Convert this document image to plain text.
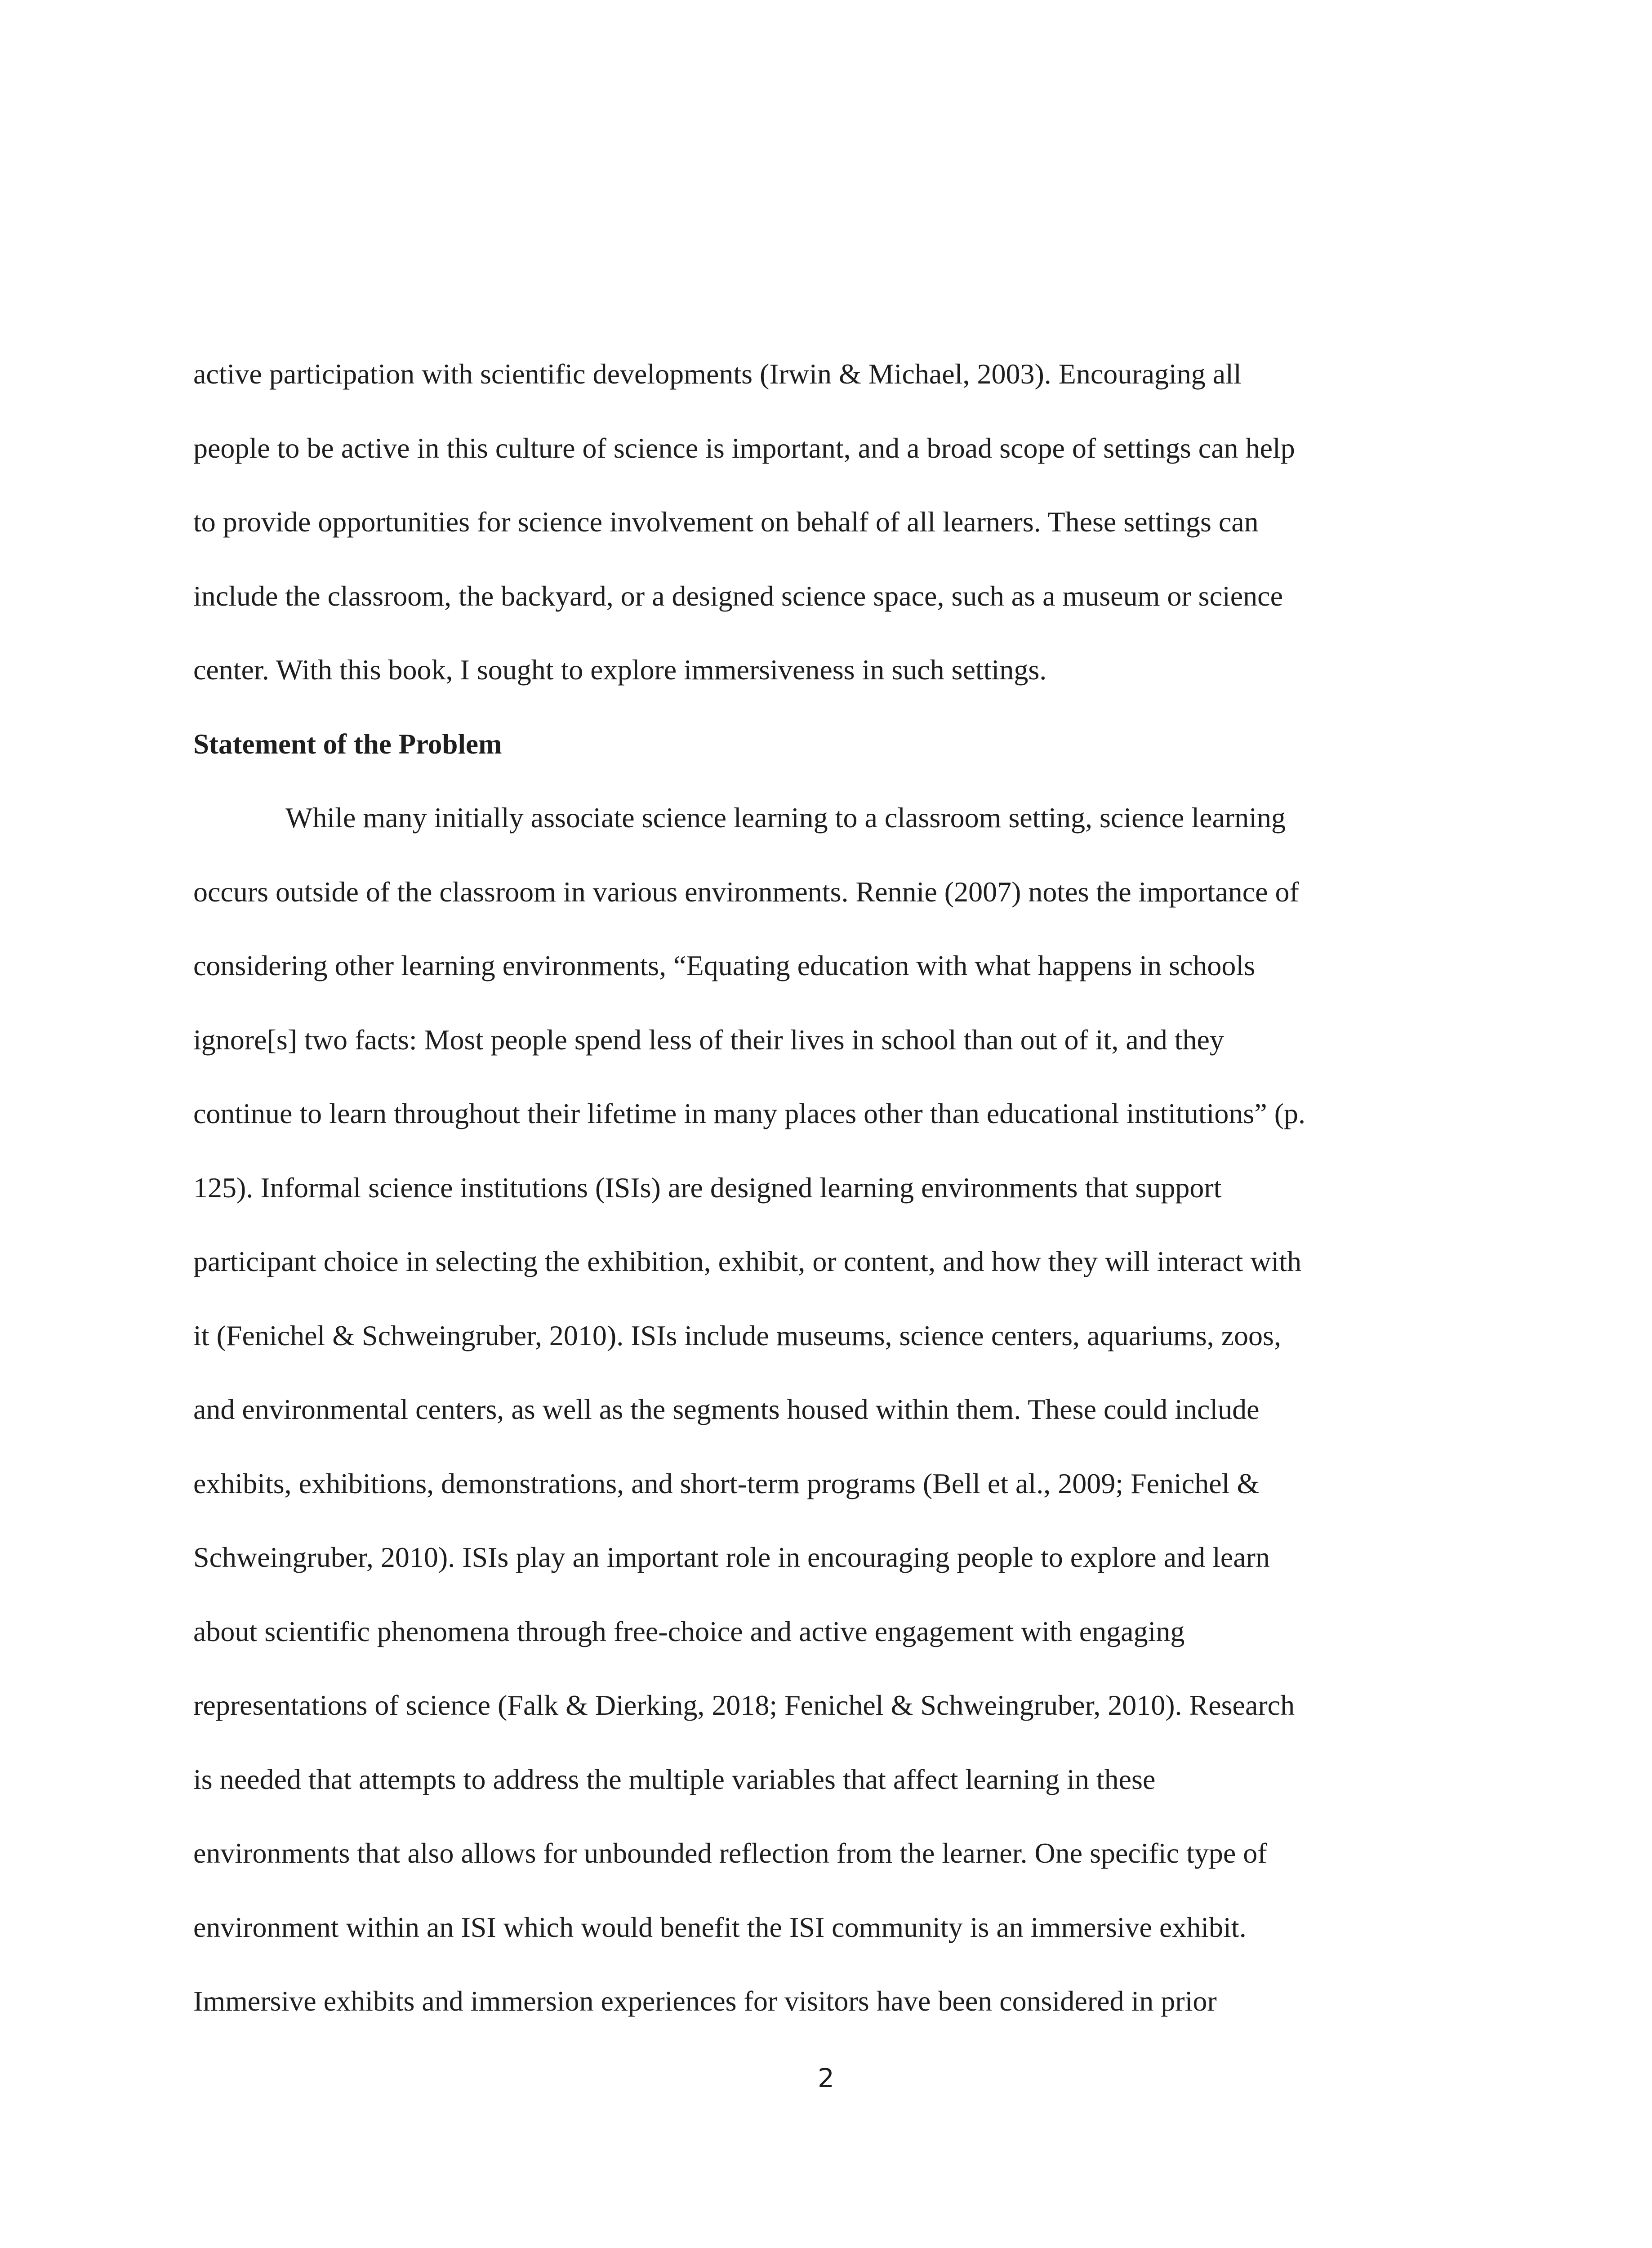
active participation with scientific developments (Irwin & Michael, 2003). Encouraging all
people to be active in this culture of science is important, and a broad scope of settings can help
to provide opportunities for science involvement on behalf of all learners. These settings can
include the classroom, the backyard, or a designed science space, such as a museum or science
center. With this book, I sought to explore immersiveness in such settings.
Statement of the Problem
While many initially associate science learning to a classroom setting, science learning
occurs outside of the classroom in various environments. Rennie (2007) notes the importance of
considering other learning environments, “Equating education with what happens in schools
ignore[s] two facts: Most people spend less of their lives in school than out of it, and they
continue to learn throughout their lifetime in many places other than educational institutions” (p.
125). Informal science institutions (ISIs) are designed learning environments that support
participant choice in selecting the exhibition, exhibit, or content, and how they will interact with
it (Fenichel & Schweingruber, 2010). ISIs include museums, science centers, aquariums, zoos,
and environmental centers, as well as the segments housed within them. These could include
exhibits, exhibitions, demonstrations, and short-term programs (Bell et al., 2009; Fenichel &
Schweingruber, 2010). ISIs play an important role in encouraging people to explore and learn
about scientific phenomena through free-choice and active engagement with engaging
representations of science (Falk & Dierking, 2018; Fenichel & Schweingruber, 2010). Research
is needed that attempts to address the multiple variables that affect learning in these
environments that also allows for unbounded reflection from the learner. One specific type of
environment within an ISI which would benefit the ISI community is an immersive exhibit.
Immersive exhibits and immersion experiences for visitors have been considered in prior
2
